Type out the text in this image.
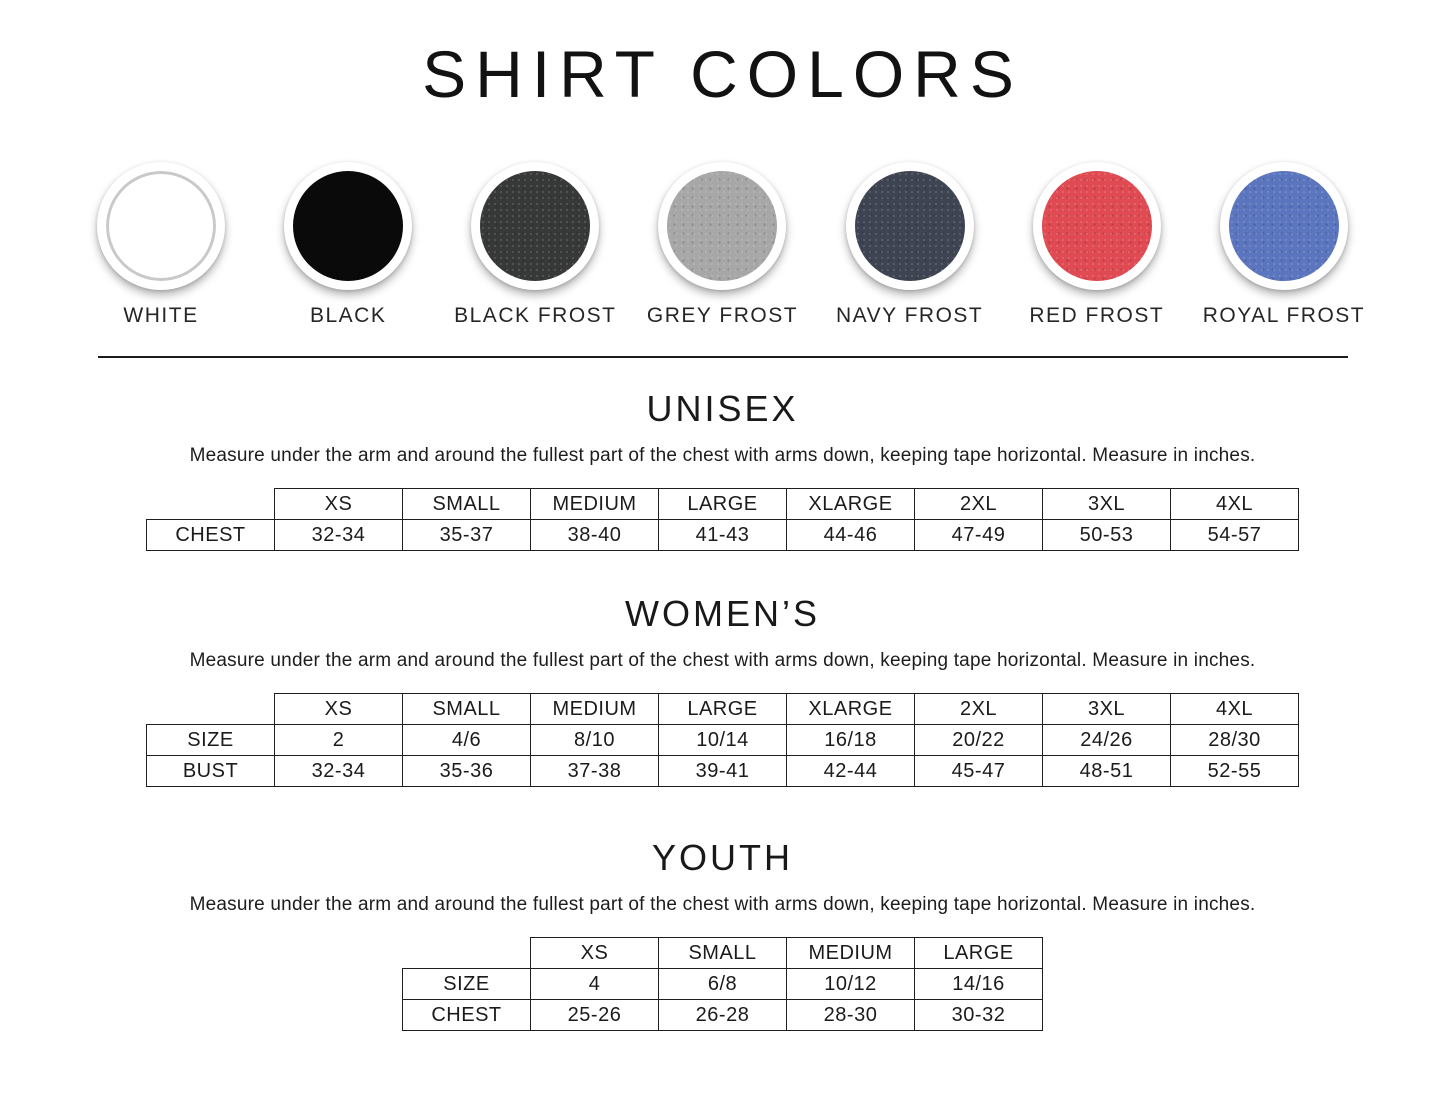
SHIRT COLORS
WHITE	BLACK	BLACK FROST GREY FROST NAVY FROST RED FROST ROYAL FROST
UNISEX

Measure under the arm and around the fullest part of the chest with arms down, keeping tape horizontal. Measure in inches.

	XS	SMALL	MEDIUM	LARGE	XLARGE	2XL	3XL	4XL
CHEST	32-34	35-37	38-40	41-43	44-46	47-49	50-53	54-57
WOMEN’S

Measure under the arm and around the fullest part of the chest with arms down, keeping tape horizontal. Measure in inches.

	XS	SMALL	MEDIUM	LARGE	XLARGE	2XL	3XL	4XL
SIZE	2	4/6	8/10	10/14	16/18	20/22	24/26	28/30
BUST	32-34	35-36	37-38	39-41	42-44	45-47	48-51	52-55
YOUTH

Measure under the arm and around the fullest part of the chest with arms down, keeping tape horizontal. Measure in inches.

	XS	SMALL	MEDIUM	LARGE
SIZE	4	6/8	10/12	14/16
CHEST	25-26	26-28	28-30	30-32
